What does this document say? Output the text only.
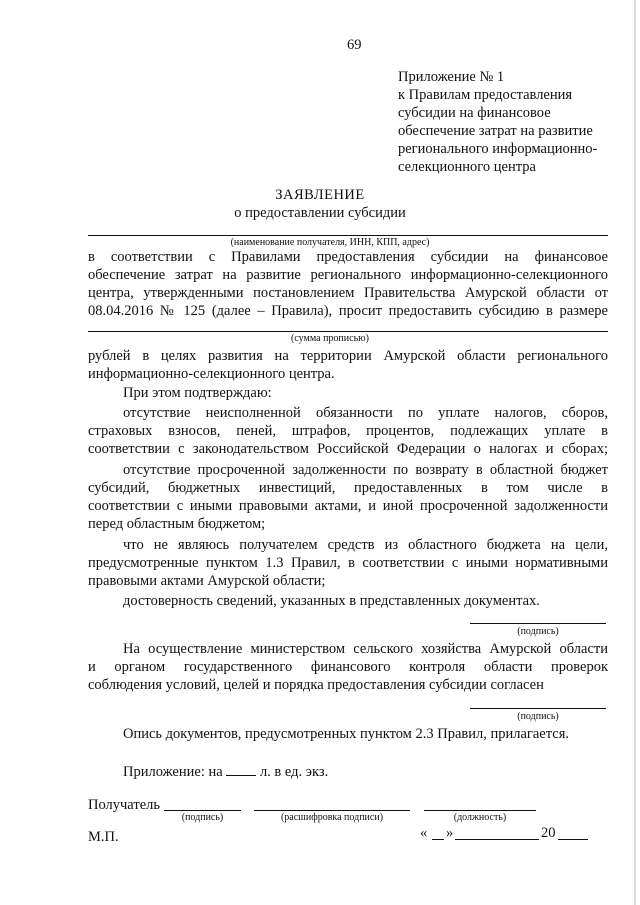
69
Приложение № 1
к Правилам предоставления
субсидии на финансовое
обеспечение затрат на развитие
регионального информационно-
селекционного центра
ЗАЯВЛЕНИЕ
о предоставлении субсидии
(наименование получателя, ИНН, КПП, адрес)
в соответствии с Правилами предоставления субсидии на финансовое
обеспечение затрат на развитие регионального информационно-селекционного
центра, утвержденными постановлением Правительства Амурской области от
08.04.2016 № 125 (далее – Правила), просит предоставить субсидию в размере
(сумма прописью)
рублей в целях развития на территории Амурской области регионального
информационно-селекционного центра.
При этом подтверждаю:
отсутствие неисполненной обязанности по уплате налогов, сборов,
страховых взносов, пеней, штрафов, процентов, подлежащих уплате в
соответствии с законодательством Российской Федерации о налогах и сборах;
отсутствие просроченной задолженности по возврату в областной бюджет
субсидий, бюджетных инвестиций, предоставленных в том числе в
соответствии с иными правовыми актами, и иной просроченной задолженности
перед областным бюджетом;
что не являюсь получателем средств из областного бюджета на цели,
предусмотренные пунктом 1.3 Правил, в соответствии с иными нормативными
правовыми актами Амурской области;
достоверность сведений, указанных в представленных документах.
(подпись)
На осуществление министерством сельского хозяйства Амурской области
и органом государственного финансового контроля области проверок
соблюдения условий, целей и порядка предоставления субсидии согласен
(подпись)
Опись документов, предусмотренных пунктом 2.3 Правил, прилагается.
Приложение: на	л. в ед. экз.
Получатель
(подпись)	(расшифровка подписи)	(должность)
М.П.	« »	20
